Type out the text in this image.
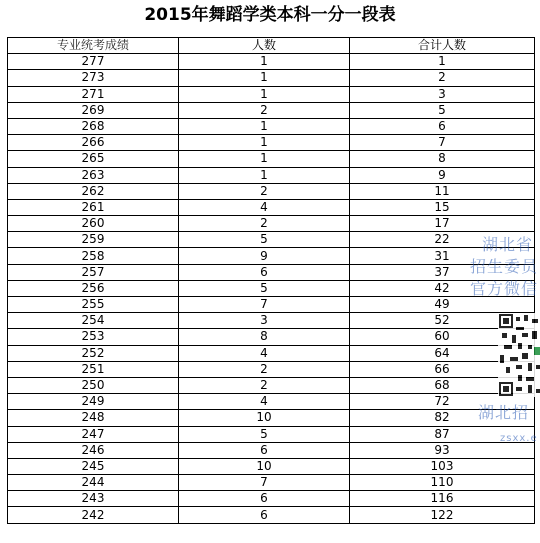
2015年舞蹈学类本科一分一段表
专业统考成绩	人数	合计人数
277	1	1
273	1	2
271	1	3
269	2	5
268	1	6
266	1	7
265	1	8
263	1	9
262	2	11
261	4	15
260	2	17
259	5	22
258	9	31
257	6	37
256	5	42
255	7	49
254	3	52
253	8	60
252	4	64
251	2	66
250	2	68
249	4	72
248	10	82
247	5	87
246	6	93
245	10	103
244	7	110
243	6	116
242	6	122
湖北省
招生委员
官方微信
湖北招
zsxx.e
